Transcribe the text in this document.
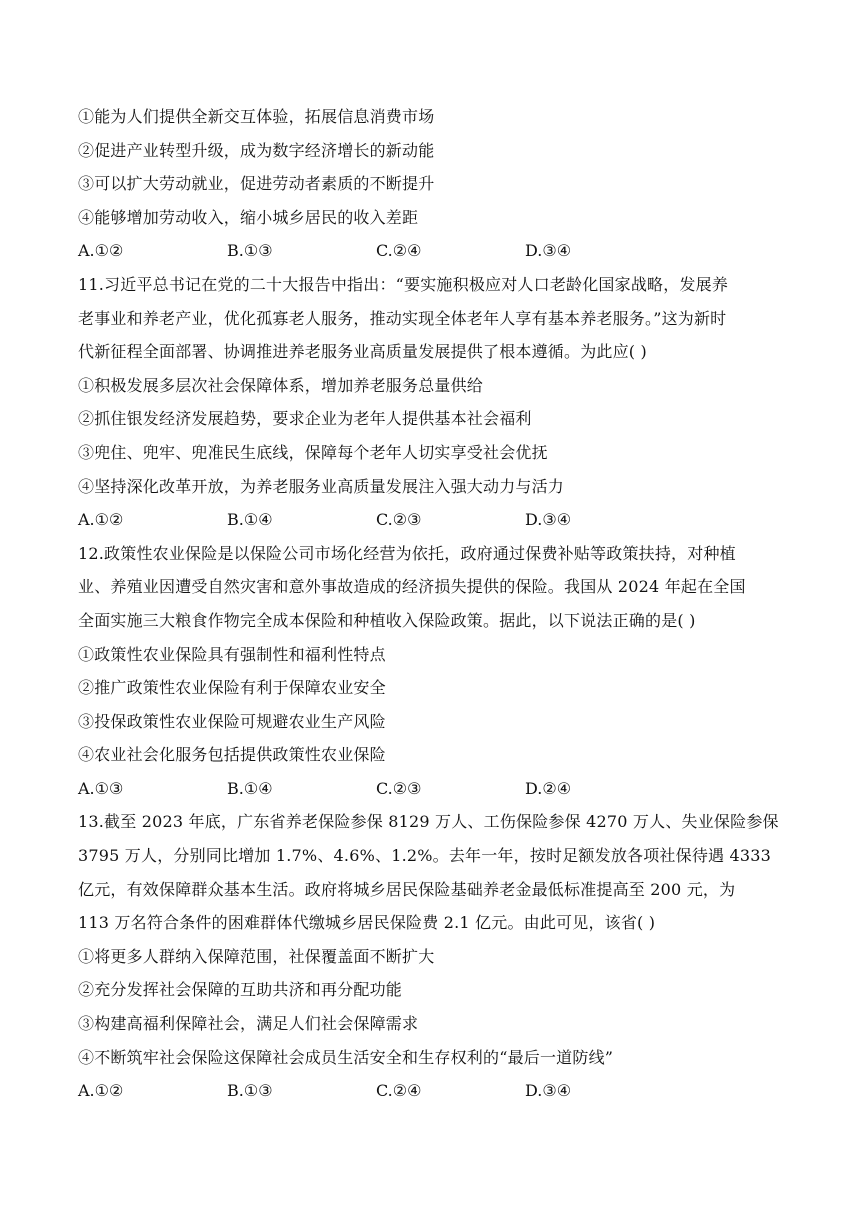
①能为人们提供全新交互体验，拓展信息消费市场
②促进产业转型升级，成为数字经济增长的新动能
③可以扩大劳动就业，促进劳动者素质的不断提升
④能够增加劳动收入，缩小城乡居民的收入差距
A.①②	B.①③	C.②④	D.③④
11.习近平总书记在党的二十大报告中指出：“要实施积极应对人口老龄化国家战略，发展养
老事业和养老产业，优化孤寡老人服务，推动实现全体老年人享有基本养老服务。”这为新时
代新征程全面部署、协调推进养老服务业高质量发展提供了根本遵循。为此应( )
①积极发展多层次社会保障体系，增加养老服务总量供给
②抓住银发经济发展趋势，要求企业为老年人提供基本社会福利
③兜住、兜牢、兜准民生底线，保障每个老年人切实享受社会优抚
④坚持深化改革开放，为养老服务业高质量发展注入强大动力与活力
A.①②	B.①④	C.②③	D.③④
12.政策性农业保险是以保险公司市场化经营为依托，政府通过保费补贴等政策扶持，对种植
业、养殖业因遭受自然灾害和意外事故造成的经济损失提供的保险。我国从 2024 年起在全国
全面实施三大粮食作物完全成本保险和种植收入保险政策。据此，以下说法正确的是( )
①政策性农业保险具有强制性和福利性特点
②推广政策性农业保险有利于保障农业安全
③投保政策性农业保险可规避农业生产风险
④农业社会化服务包括提供政策性农业保险
A.①③	B.①④	C.②③	D.②④
13.截至 2023 年底，广东省养老保险参保 8129 万人、工伤保险参保 4270 万人、失业保险参保
3795 万人，分别同比增加 1.7%、4.6%、1.2%。去年一年，按时足额发放各项社保待遇 4333
亿元，有效保障群众基本生活。政府将城乡居民保险基础养老金最低标准提高至 200 元，为
113 万名符合条件的困难群体代缴城乡居民保险费 2.1 亿元。由此可见，该省( )
①将更多人群纳入保障范围，社保覆盖面不断扩大
②充分发挥社会保障的互助共济和再分配功能
③构建高福利保障社会，满足人们社会保障需求
④不断筑牢社会保险这保障社会成员生活安全和生存权利的“最后一道防线”
A.①②	B.①③	C.②④	D.③④
